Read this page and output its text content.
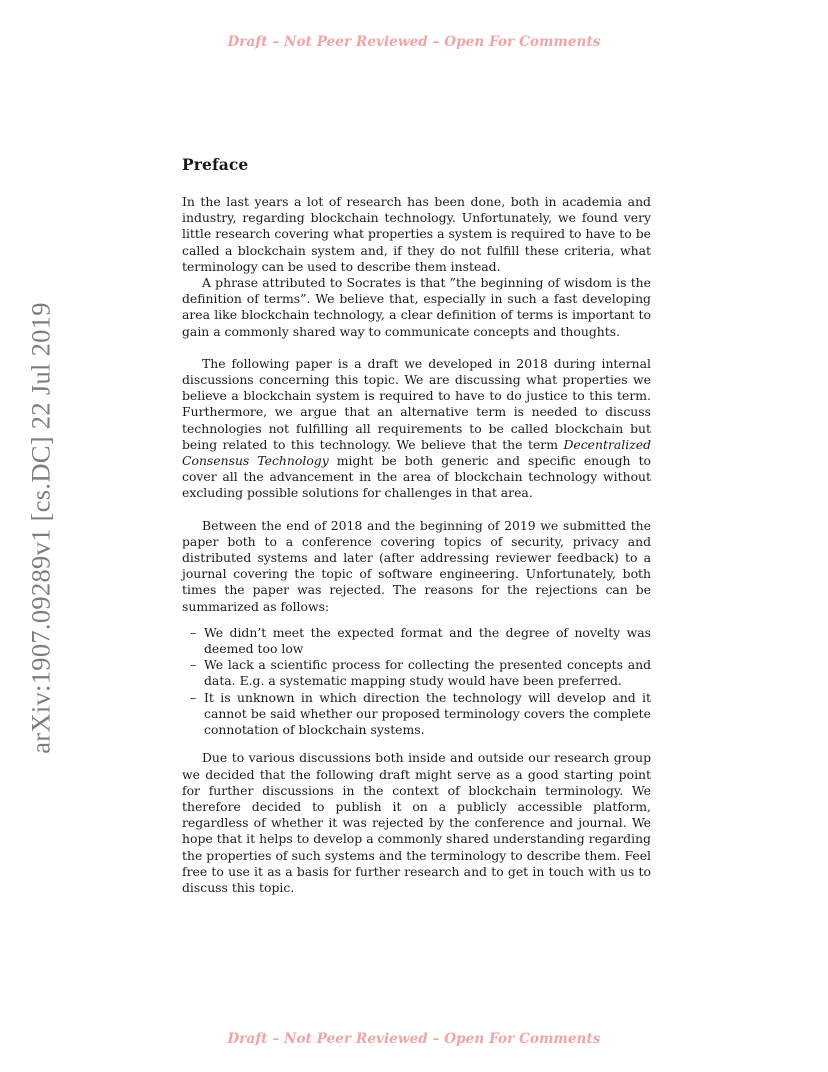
Draft – Not Peer Reviewed – Open For Comments
arXiv:1907.09289v1 [cs.DC] 22 Jul 2019
Preface

In the last years a lot of research has been done, both in academia and industry, regarding blockchain technology. Unfortunately, we found very little research covering what properties a system is required to have to be called a blockchain system and, if they do not fulfill these criteria, what terminology can be used to describe them instead.

A phrase attributed to Socrates is that ”the beginning of wisdom is the definition of terms”. We believe that, especially in such a fast developing area like blockchain technology, a clear definition of terms is important to gain a commonly shared way to communicate concepts and thoughts.

The following paper is a draft we developed in 2018 during internal discussions concerning this topic. We are discussing what properties we believe a blockchain system is required to have to do justice to this term. Furthermore, we argue that an alternative term is needed to discuss technologies not fulfilling all requirements to be called blockchain but being related to this technology. We believe that the term Decentralized Consensus Technology might be both generic and specific enough to cover all the advancement in the area of blockchain technology without excluding possible solutions for challenges in that area.

Between the end of 2018 and the beginning of 2019 we submitted the paper both to a conference covering topics of security, privacy and distributed systems and later (after addressing reviewer feedback) to a journal covering the topic of software engineering. Unfortunately, both times the paper was rejected. The reasons for the rejections can be summarized as follows:

– We didn’t meet the expected format and the degree of novelty was deemed too low
– We lack a scientific process for collecting the presented concepts and data. E.g. a systematic mapping study would have been preferred.
– It is unknown in which direction the technology will develop and it cannot be said whether our proposed terminology covers the complete connotation of blockchain systems.

Due to various discussions both inside and outside our research group we decided that the following draft might serve as a good starting point for further discussions in the context of blockchain terminology. We therefore decided to publish it on a publicly accessible platform, regardless of whether it was rejected by the conference and journal. We hope that it helps to develop a commonly shared understanding regarding the properties of such systems and the terminology to describe them. Feel free to use it as a basis for further research and to get in touch with us to discuss this topic.

Draft – Not Peer Reviewed – Open For Comments
